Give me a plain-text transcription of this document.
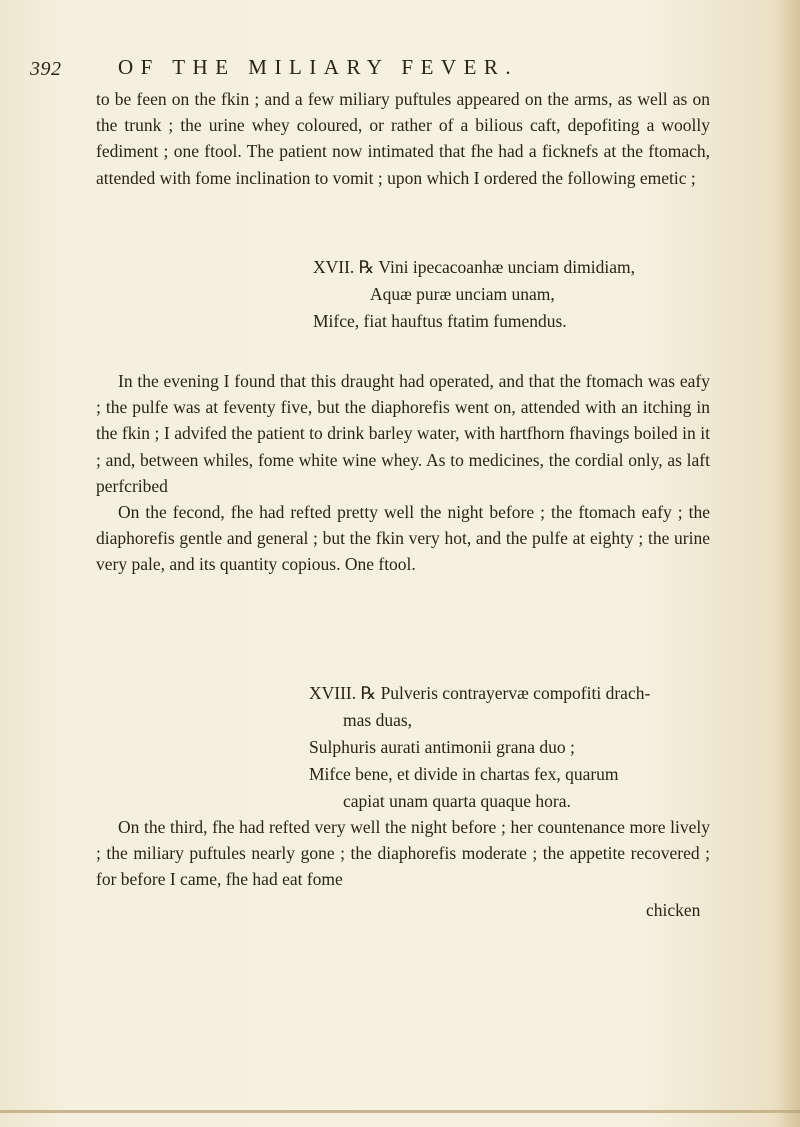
392	OF THE MILIARY FEVER.
to be feen on the fkin ; and a few miliary puftules appeared on the arms, as well as on the trunk ; the urine whey coloured, or rather of a bilious caft, depofiting a woolly fediment ; one ftool. The patient now intimated that fhe had a ficknefs at the ftomach, attended with fome inclination to vomit ; upon which I ordered the following emetic ;
XVII. ℞ Vini ipecacoanhæ unciam dimidiam,
Aquæ puræ unciam unam,
Mifce, fiat hauftus ftatim fumendus.

In the evening I found that this draught had operated, and that the ftomach was eafy ; the pulfe was at feventy five, but the diaphorefis went on, attended with an itching in the fkin ; I advifed the patient to drink barley water, with hartfhorn fhavings boiled in it ; and, between whiles, fome white wine whey. As to medicines, the cordial only, as laft perfcribed

On the fecond, fhe had refted pretty well the night before ; the ftomach eafy ; the diaphorefis gentle and general ; but the fkin very hot, and the pulfe at eighty ; the urine very pale, and its quantity copious. One ftool.

XVIII. ℞ Pulveris contrayervæ compofiti drach-
mas duas,
Sulphuris aurati antimonii grana duo ;
Mifce bene, et divide in chartas fex, quarum
capiat unam quarta quaque hora.

On the third, fhe had refted very well the night before ; her countenance more lively ; the miliary puftules nearly gone ; the diaphorefis moderate ; the appetite recovered ; for before I came, fhe had eat fome

chicken
